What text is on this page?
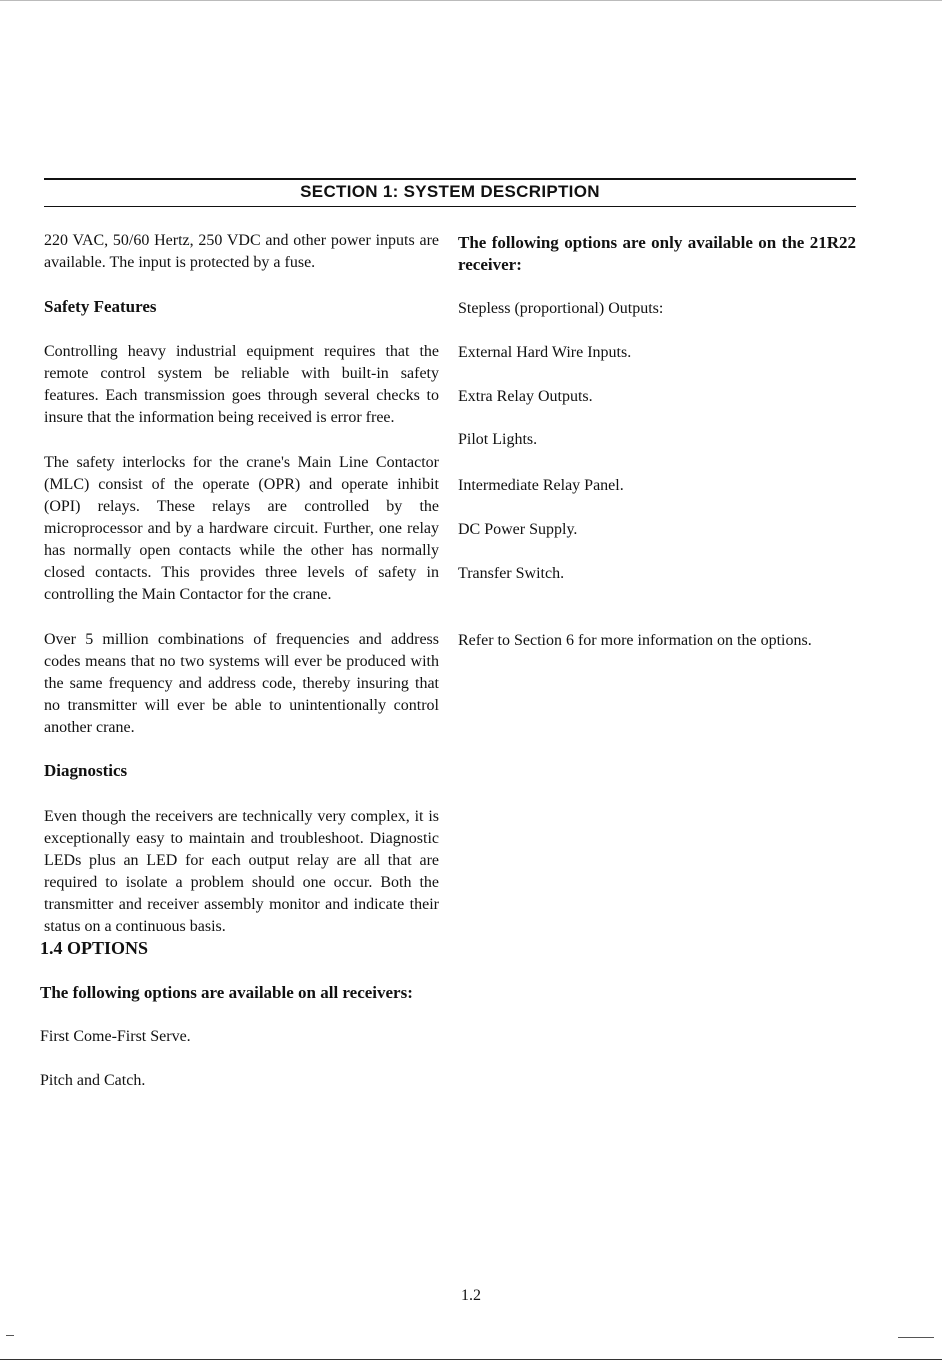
SECTION 1: SYSTEM DESCRIPTION

220 VAC, 50/60 Hertz, 250 VDC and other power inputs are available. The input is protected by a fuse.

Safety Features

Controlling heavy industrial equipment requires that the remote control system be reliable with built-in safety features. Each transmission goes through several checks to insure that the information being received is error free.

The safety interlocks for the crane's Main Line Contactor (MLC) consist of the operate (OPR) and operate inhibit (OPI) relays. These relays are controlled by the microprocessor and by a hardware circuit. Further, one relay has normally open contacts while the other has normally closed contacts. This provides three levels of safety in controlling the Main Contactor for the crane.

Over 5 million combinations of frequencies and address codes means that no two systems will ever be produced with the same frequency and address code, thereby insuring that no transmitter will ever be able to unintentionally control another crane.

Diagnostics

Even though the receivers are technically very complex, it is exceptionally easy to maintain and troubleshoot. Diagnostic LEDs plus an LED for each output relay are all that are required to isolate a problem should one occur. Both the transmitter and receiver assembly monitor and indicate their status on a continuous basis.

1.4 OPTIONS
The following options are available on all receivers:

First Come-First Serve.

Pitch and Catch.

The following options are only available on the 21R22 receiver:

Stepless (proportional) Outputs:

External Hard Wire Inputs.

Extra Relay Outputs.

Pilot Lights.

Intermediate Relay Panel.

DC Power Supply.

Transfer Switch.

Refer to Section 6 for more information on the options.

1.2
